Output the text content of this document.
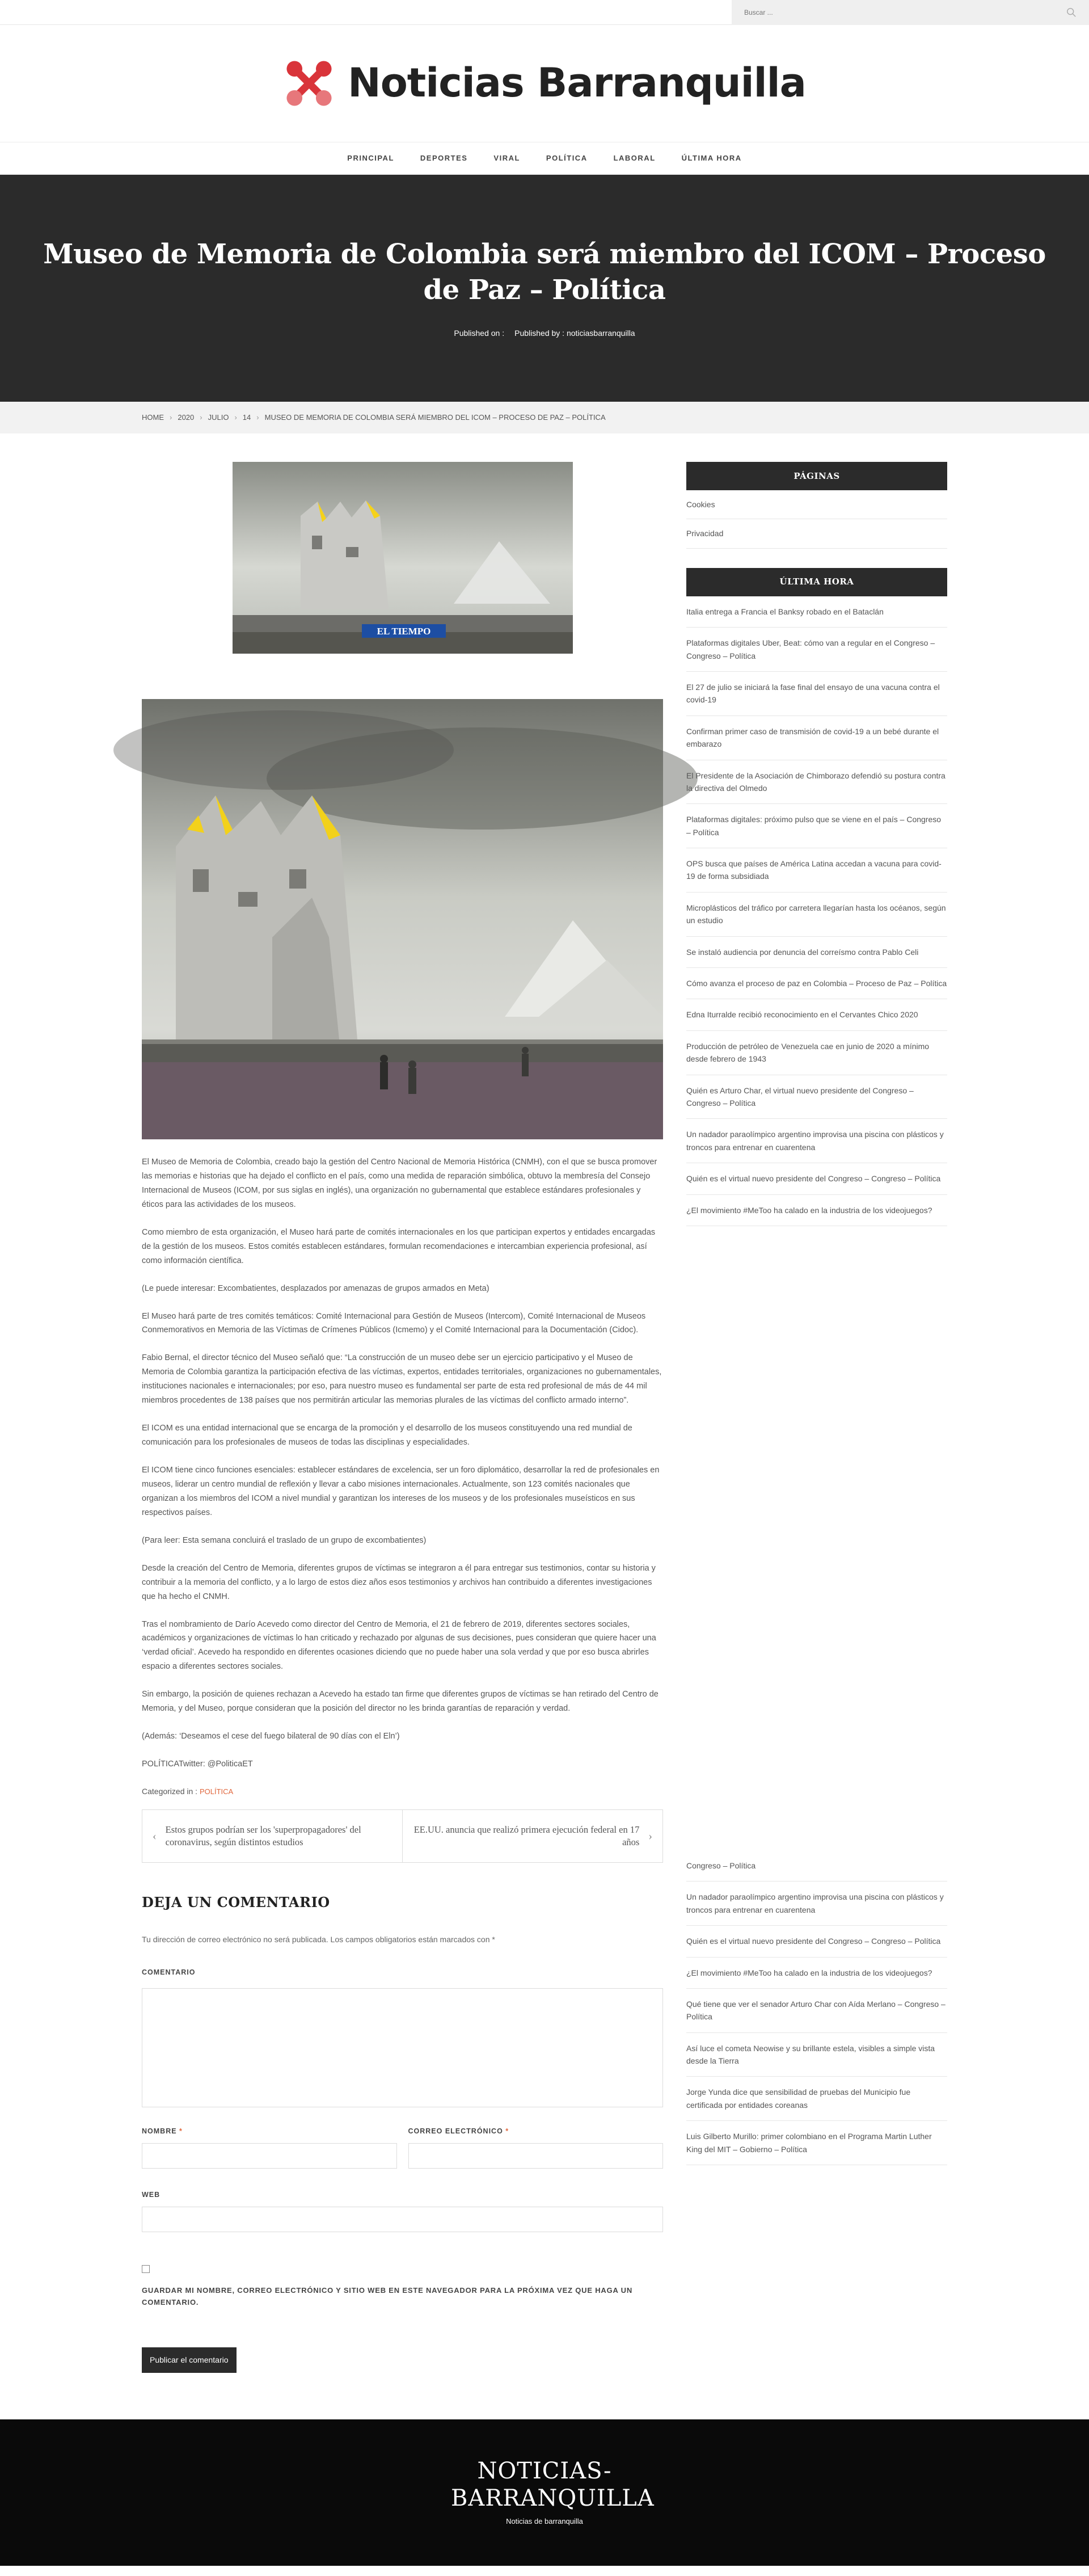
Buscar ...
Noticias Barranquilla
PRINCIPAL	DEPORTES	VIRAL	POLÍTICA	LABORAL	ÚLTIMA HORA
Museo de Memoria de Colombia será miembro del ICOM – Proceso de Paz – Política
Published on : Published by : noticiasbarranquilla
HOME › 2020 › JULIO › 14 › MUSEO DE MEMORIA DE COLOMBIA SERÁ MIEMBRO DEL ICOM – PROCESO DE PAZ – POLÍTICA
EL TIEMPO

El Museo de Memoria de Colombia, creado bajo la gestión del Centro Nacional de Memoria Histórica (CNMH), con el que se busca promover las memorias e historias que ha dejado el conflicto en el país, como una medida de reparación simbólica, obtuvo la membresía del Consejo Internacional de Museos (ICOM, por sus siglas en inglés), una organización no gubernamental que establece estándares profesionales y éticos para las actividades de los museos.

Como miembro de esta organización, el Museo hará parte de comités internacionales en los que participan expertos y entidades encargadas de la gestión de los museos. Estos comités establecen estándares, formulan recomendaciones e intercambian experiencia profesional, así como información científica.

(Le puede interesar: Excombatientes, desplazados por amenazas de grupos armados en Meta)

El Museo hará parte de tres comités temáticos: Comité Internacional para Gestión de Museos (Intercom), Comité Internacional de Museos Conmemorativos en Memoria de las Víctimas de Crímenes Públicos (Icmemo) y el Comité Internacional para la Documentación (Cidoc).

Fabio Bernal, el director técnico del Museo señaló que: “La construcción de un museo debe ser un ejercicio participativo y el Museo de Memoria de Colombia garantiza la participación efectiva de las víctimas, expertos, entidades territoriales, organizaciones no gubernamentales, instituciones nacionales e internacionales; por eso, para nuestro museo es fundamental ser parte de esta red profesional de más de 44 mil miembros procedentes de 138 países que nos permitirán articular las memorias plurales de las víctimas del conflicto armado interno”.

El ICOM es una entidad internacional que se encarga de la promoción y el desarrollo de los museos constituyendo una red mundial de comunicación para los profesionales de museos de todas las disciplinas y especialidades.

El ICOM tiene cinco funciones esenciales: establecer estándares de excelencia, ser un foro diplomático, desarrollar la red de profesionales en museos, liderar un centro mundial de reflexión y llevar a cabo misiones internacionales. Actualmente, son 123 comités nacionales que organizan a los miembros del ICOM a nivel mundial y garantizan los intereses de los museos y de los profesionales museísticos en sus respectivos países.

(Para leer: Esta semana concluirá el traslado de un grupo de excombatientes)

Desde la creación del Centro de Memoria, diferentes grupos de víctimas se integraron a él para entregar sus testimonios, contar su historia y contribuir a la memoria del conflicto, y a lo largo de estos diez años esos testimonios y archivos han contribuido a diferentes investigaciones que ha hecho el CNMH.

Tras el nombramiento de Darío Acevedo como director del Centro de Memoria, el 21 de febrero de 2019, diferentes sectores sociales, académicos y organizaciones de víctimas lo han criticado y rechazado por algunas de sus decisiones, pues consideran que quiere hacer una ‘verdad oficial’. Acevedo ha respondido en diferentes ocasiones diciendo que no puede haber una sola verdad y que por eso busca abrirles espacio a diferentes sectores sociales.

Sin embargo, la posición de quienes rechazan a Acevedo ha estado tan firme que diferentes grupos de víctimas se han retirado del Centro de Memoria, y del Museo, porque consideran que la posición del director no les brinda garantías de reparación y verdad.

(Además: ‘Deseamos el cese del fuego bilateral de 90 días con el Eln’)

POLÍTICATwitter: @PoliticaET

Categorized in : POLÍTICA
‹
Estos grupos podrían ser los 'superpropagadores' del coronavirus, según distintos estudios
EE.UU. anuncia que realizó primera ejecución federal en 17 años ›
DEJA UN COMENTARIO
Tu dirección de correo electrónico no será publicada. Los campos obligatorios están marcados con *
COMENTARIO
NOMBRE *	CORREO ELECTRÓNICO *
WEB
GUARDAR MI NOMBRE, CORREO ELECTRÓNICO Y SITIO WEB EN ESTE NAVEGADOR PARA LA PRÓXIMA VEZ QUE HAGA UN COMENTARIO.
Publicar el comentario
PÁGINAS
Cookies
Privacidad
ÚLTIMA HORA
Italia entrega a Francia el Banksy robado en el Bataclán
Plataformas digitales Uber, Beat: cómo van a regular en el Congreso – Congreso – Política
El 27 de julio se iniciará la fase final del ensayo de una vacuna contra el covid-19
Confirman primer caso de transmisión de covid-19 a un bebé durante el embarazo
El Presidente de la Asociación de Chimborazo defendió su postura contra la directiva del Olmedo
Plataformas digitales: próximo pulso que se viene en el país – Congreso – Política
OPS busca que países de América Latina accedan a vacuna para covid-19 de forma subsidiada
Microplásticos del tráfico por carretera llegarían hasta los océanos, según un estudio
Se instaló audiencia por denuncia del correísmo contra Pablo Celi
Cómo avanza el proceso de paz en Colombia – Proceso de Paz – Política
Edna Iturralde recibió reconocimiento en el Cervantes Chico 2020
Producción de petróleo de Venezuela cae en junio de 2020 a mínimo desde febrero de 1943
Quién es Arturo Char, el virtual nuevo presidente del Congreso – Congreso – Política
Un nadador paraolímpico argentino improvisa una piscina con plásticos y troncos para entrenar en cuarentena
Quién es el virtual nuevo presidente del Congreso – Congreso – Política
¿El movimiento #MeToo ha calado en la industria de los videojuegos?
Congreso – Política
Un nadador paraolímpico argentino improvisa una piscina con plásticos y troncos para entrenar en cuarentena
Quién es el virtual nuevo presidente del Congreso – Congreso – Política
¿El movimiento #MeToo ha calado en la industria de los videojuegos?
Qué tiene que ver el senador Arturo Char con Aída Merlano – Congreso – Política
Así luce el cometa Neowise y su brillante estela, visibles a simple vista desde la Tierra
Jorge Yunda dice que sensibilidad de pruebas del Municipio fue certificada por entidades coreanas
Luis Gilberto Murillo: primer colombiano en el Programa Martin Luther King del MIT – Gobierno – Política
NOTICIAS-BARRANQUILLA
Noticias de barranquilla
